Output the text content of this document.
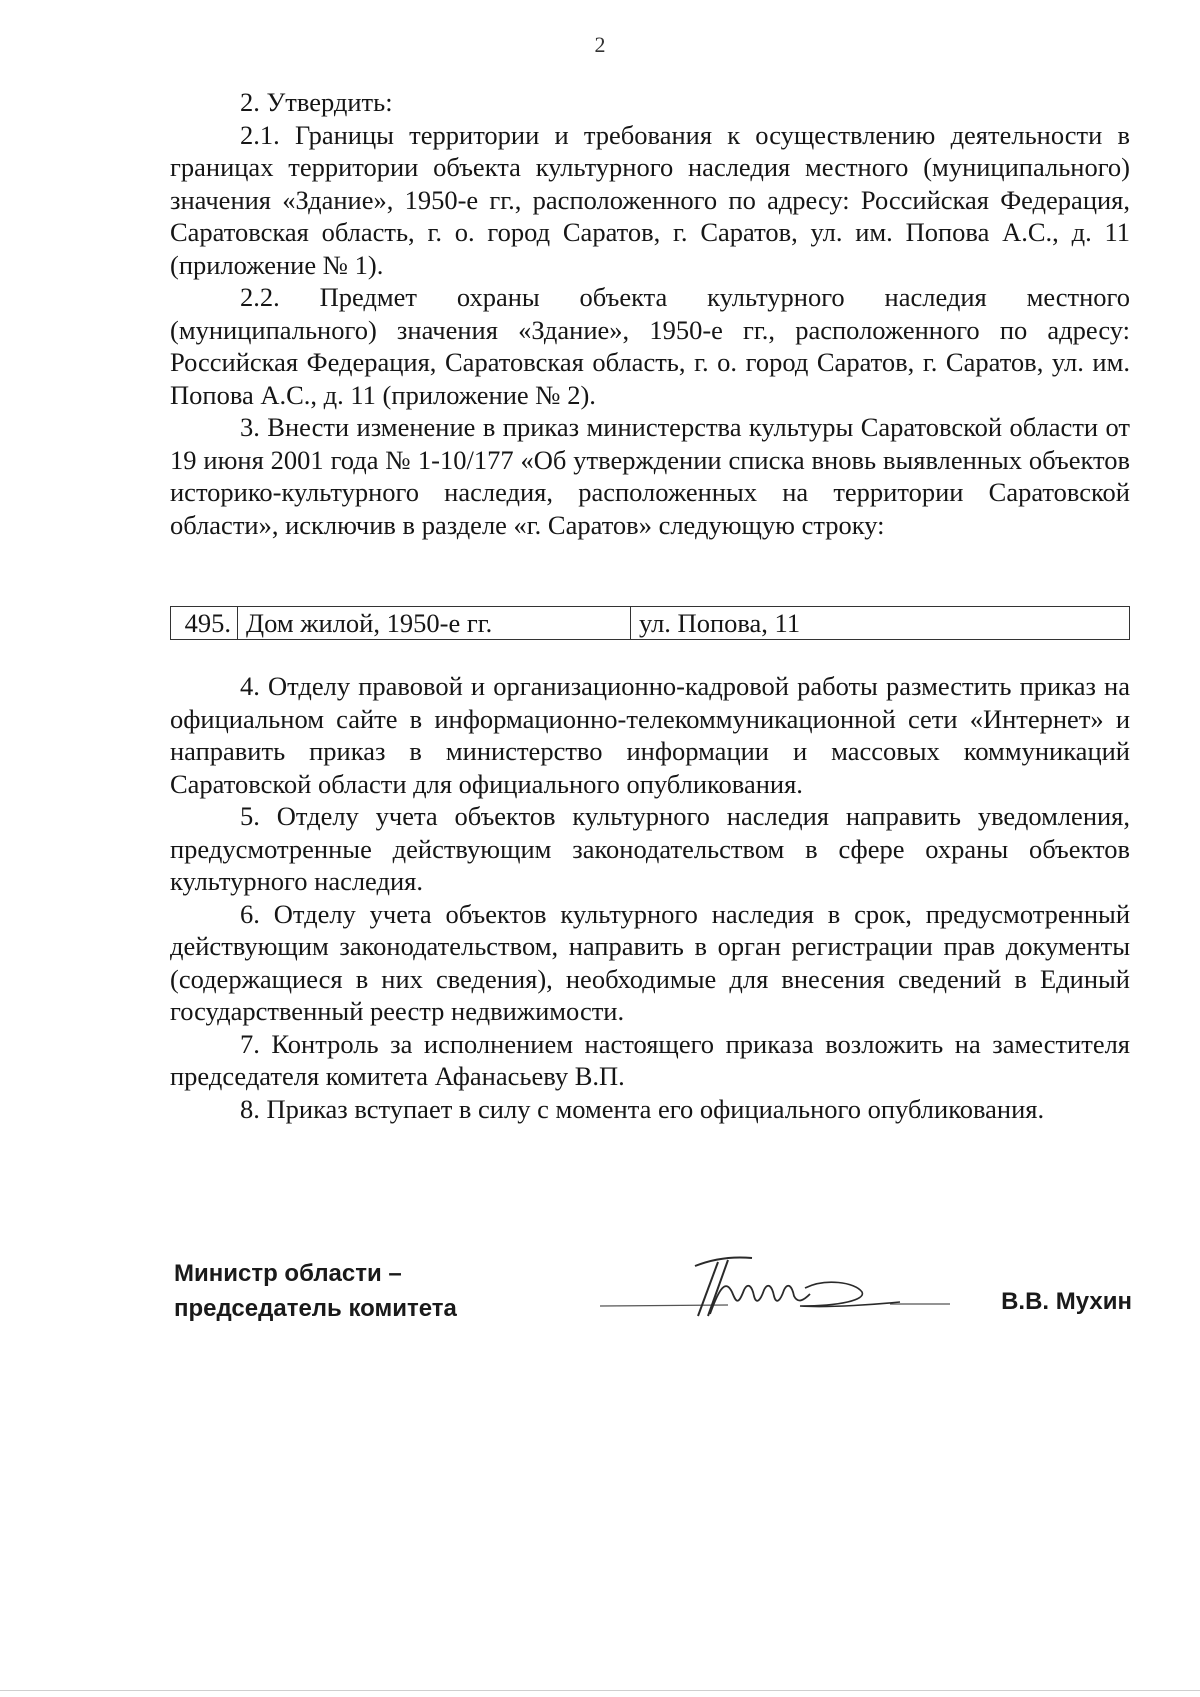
2

2. Утвердить:

2.1. Границы территории и требования к осуществлению деятельности в границах территории объекта культурного наследия местного (муниципального) значения «Здание», 1950-е гг., расположенного по адресу: Российская Федерация, Саратовская область, г. о. город Саратов, г. Саратов, ул. им. Попова А.С., д. 11 (приложение № 1).

2.2. Предмет охраны объекта культурного наследия местного (муниципального) значения «Здание», 1950-е гг., расположенного по адресу: Российская Федерация, Саратовская область, г. о. город Саратов, г. Саратов, ул. им. Попова А.С., д. 11 (приложение № 2).

3. Внести изменение в приказ министерства культуры Саратовской области от 19 июня 2001 года № 1-10/177 «Об утверждении списка вновь выявленных объектов историко-культурного наследия, расположенных на территории Саратовской области», исключив в разделе «г. Саратов» следующую строку:

495.	Дом жилой, 1950-е гг.	ул. Попова, 11

4. Отделу правовой и организационно-кадровой работы разместить приказ на официальном сайте в информационно-телекоммуникационной сети «Интернет» и направить приказ в министерство информации и массовых коммуникаций Саратовской области для официального опубликования.

5. Отделу учета объектов культурного наследия направить уведомления, предусмотренные действующим законодательством в сфере охраны объектов культурного наследия.

6. Отделу учета объектов культурного наследия в срок, предусмотренный действующим законодательством, направить в орган регистрации прав документы (содержащиеся в них сведения), необходимые для внесения сведений в Единый государственный реестр недвижимости.

7. Контроль за исполнением настоящего приказа возложить на заместителя председателя комитета Афанасьеву В.П.

8. Приказ вступает в силу с момента его официального опубликования.

Министр области –
председатель комитета	В.В. Мухин
